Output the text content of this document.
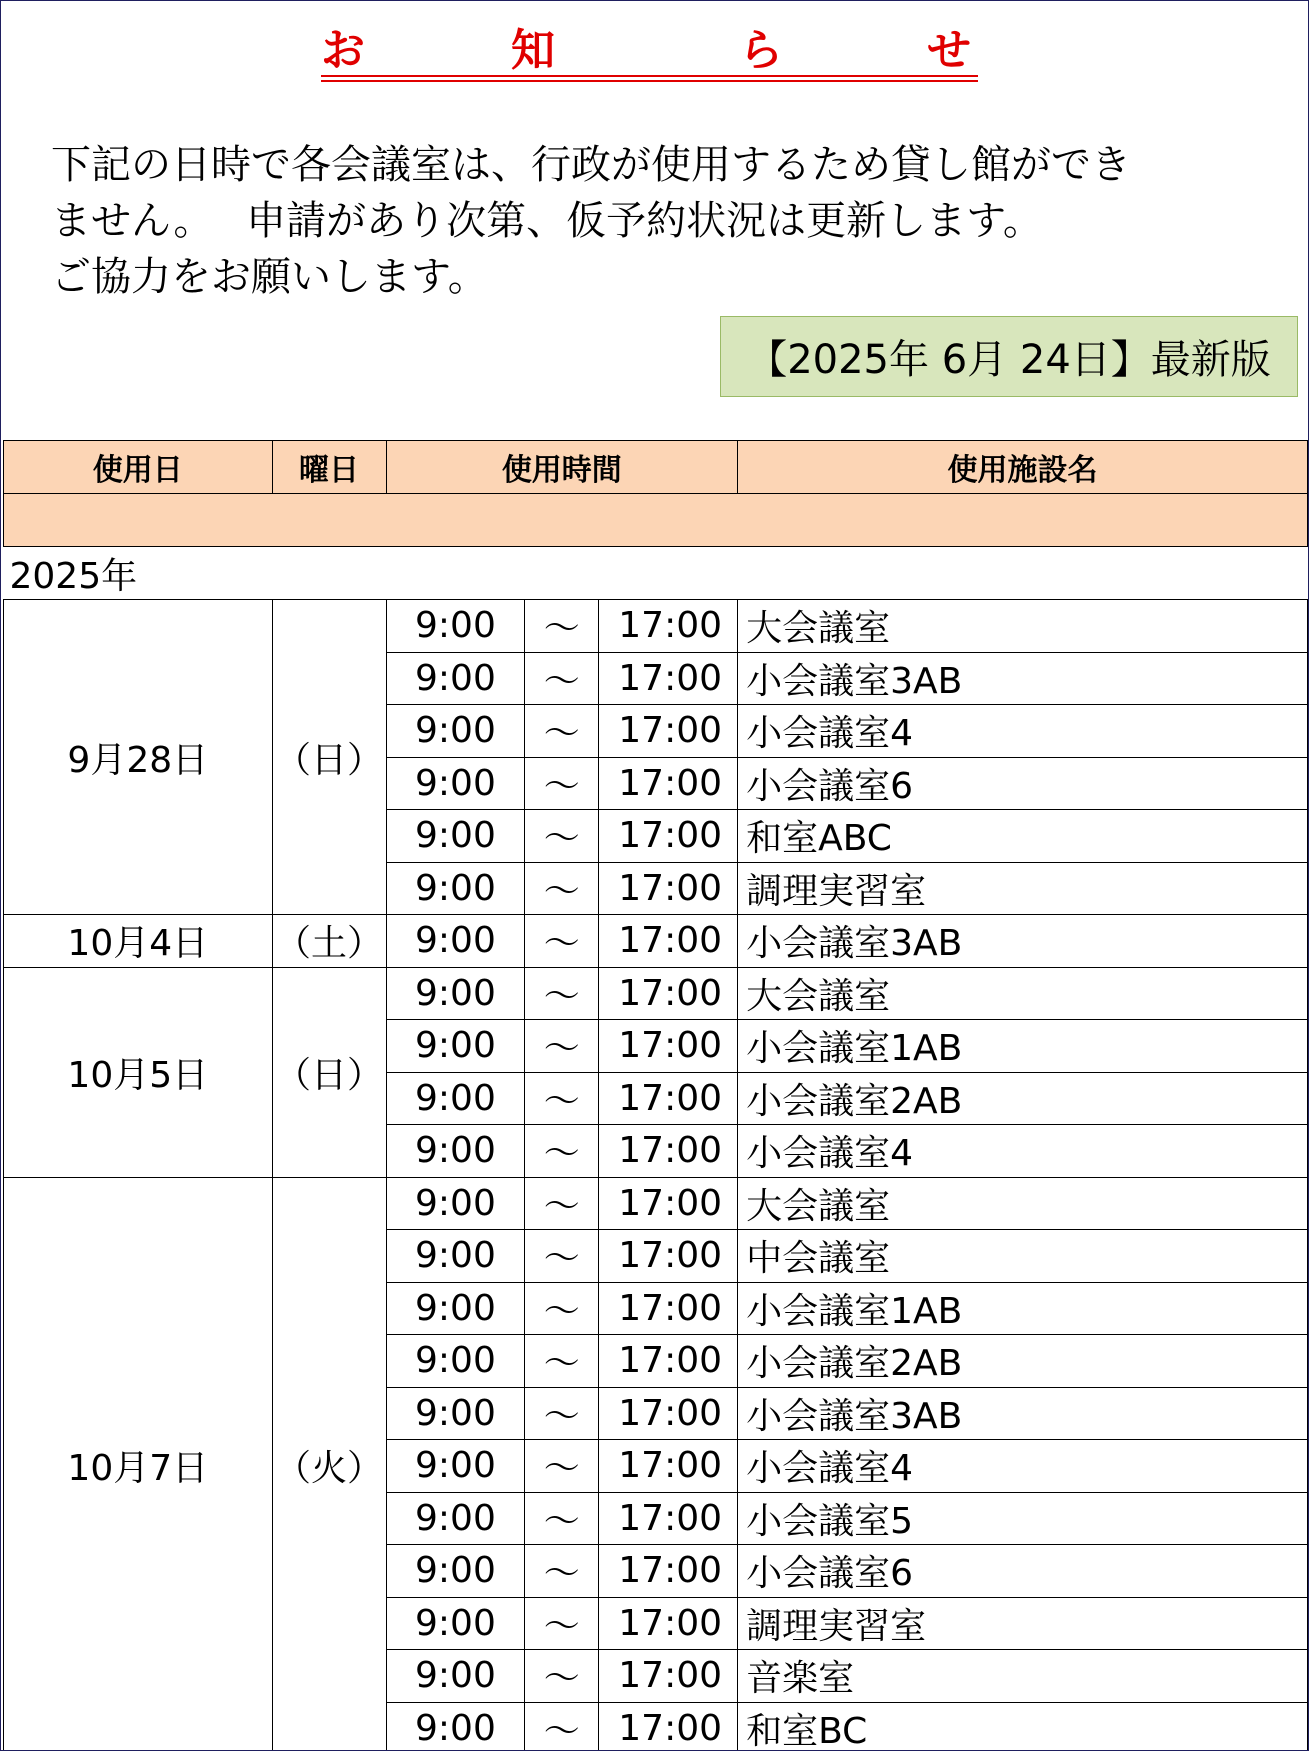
お	知	ら	せ
下記の日時で各会議室は、行政が使用するため貸し館ができ
ません。　 申請があり次第、仮予約状況は更新します。
ご協力をお願いします。
【2025年 6月 24日】最新版
使用日	曜日	使用時間			使用施設名

2025年					
9月28日	（日）	9:00	～	17:00	大会議室
		9:00	～	17:00	小会議室3AB
		9:00	～	17:00	小会議室4
		9:00	～	17:00	小会議室6
		9:00	～	17:00	和室ABC
		9:00	～	17:00	調理実習室
10月4日	（土）	9:00	～	17:00	小会議室3AB
10月5日	（日）	9:00	～	17:00	大会議室
		9:00	～	17:00	小会議室1AB
		9:00	～	17:00	小会議室2AB
		9:00	～	17:00	小会議室4
10月7日	（火）	9:00	～	17:00	大会議室
		9:00	～	17:00	中会議室
		9:00	～	17:00	小会議室1AB
		9:00	～	17:00	小会議室2AB
		9:00	～	17:00	小会議室3AB
		9:00	～	17:00	小会議室4
		9:00	～	17:00	小会議室5
		9:00	～	17:00	小会議室6
		9:00	～	17:00	調理実習室
		9:00	～	17:00	音楽室
		9:00	～	17:00	和室BC
